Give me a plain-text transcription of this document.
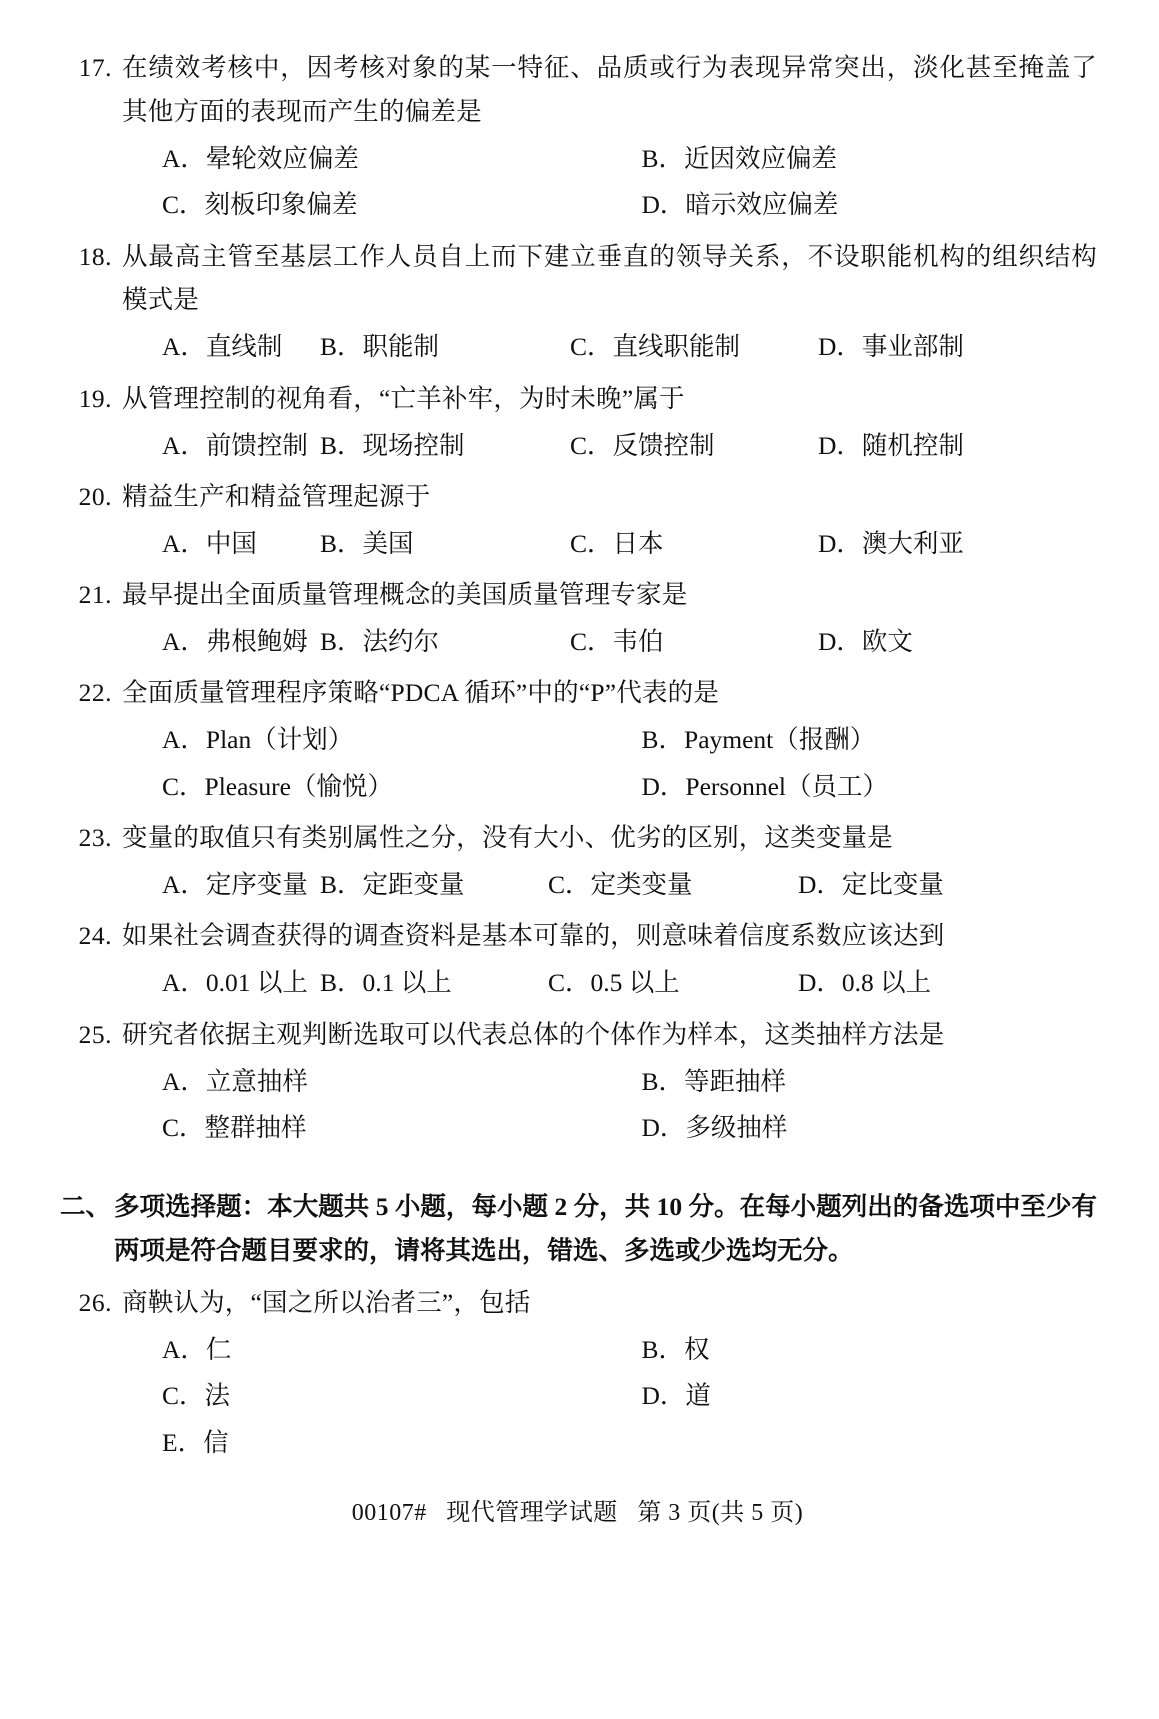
17. 在绩效考核中，因考核对象的某一特征、品质或行为表现异常突出，淡化甚至掩盖了其他方面的表现而产生的偏差是
A．晕轮效应偏差	B．近因效应偏差
C．刻板印象偏差	D．暗示效应偏差
18. 从最高主管至基层工作人员自上而下建立垂直的领导关系，不设职能机构的组织结构模式是
A．直线制	B．职能制	C．直线职能制	D．事业部制
19. 从管理控制的视角看，“亡羊补牢，为时未晚”属于
A．前馈控制 B．现场控制	C．反馈控制	D．随机控制
20. 精益生产和精益管理起源于
A．中国	B．美国	C．日本	D．澳大利亚
21. 最早提出全面质量管理概念的美国质量管理专家是
A．弗根鲍姆 B．法约尔	C．韦伯	D．欧文
22. 全面质量管理程序策略“PDCA 循环”中的“P”代表的是
A．Plan（计划）	B．Payment（报酬）
C．Pleasure（愉悦）	D．Personnel（员工）
23. 变量的取值只有类别属性之分，没有大小、优劣的区别，这类变量是
A．定序变量 B．定距变量	C．定类变量	D．定比变量
24. 如果社会调查获得的调查资料是基本可靠的，则意味着信度系数应该达到
A．0.01 以上 B．0.1 以上	C．0.5 以上	D．0.8 以上
25. 研究者依据主观判断选取可以代表总体的个体作为样本，这类抽样方法是
A．立意抽样	B．等距抽样
C．整群抽样	D．多级抽样
二、 多项选择题：本大题共 5 小题，每小题 2 分，共 10 分。在每小题列出的备选项中至少有两项是符合题目要求的，请将其选出，错选、多选或少选均无分。
26. 商鞅认为，“国之所以治者三”，包括
A．仁	B．权
C．法	D．道
E．信
00107# 现代管理学试题 第 3 页(共 5 页)
